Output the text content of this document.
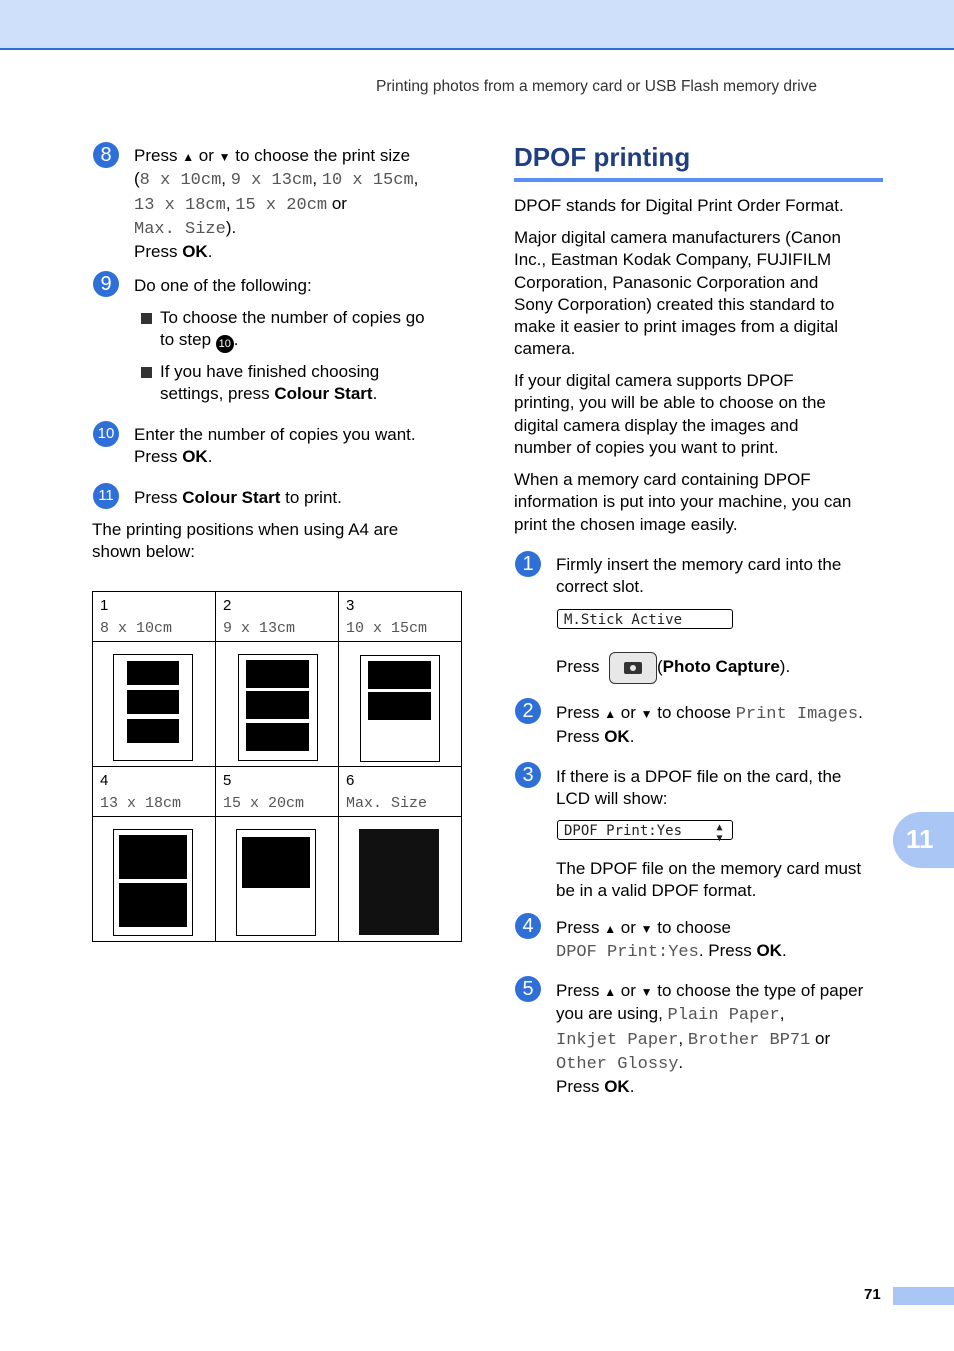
Printing photos from a memory card or USB Flash memory drive
8	Press ▲ or ▼ to choose the print size
(8 x 10cm, 9 x 13cm, 10 x 15cm,
13 x 18cm, 15 x 20cm or
Max. Size).
Press OK.
9	Do one of the following:
To choose the number of copies go
to step 10 .
If you have finished choosing
settings, press Colour Start.
10 Enter the number of copies you want.
Press OK.
11	Press Colour Start to print.
The printing positions when using A4 are
shown below:
1
8 x 10cm	2
9 x 13cm	3
10 x 15cm

4
13 x 18cm	5
15 x 20cm	6
Max. Size

DPOF printing
DPOF stands for Digital Print Order Format.
Major digital camera manufacturers (Canon
Inc., Eastman Kodak Company, FUJIFILM
Corporation, Panasonic Corporation and
Sony Corporation) created this standard to
make it easier to print images from a digital
camera.
If your digital camera supports DPOF
printing, you will be able to choose on the
digital camera display the images and
number of copies you want to print.
When a memory card containing DPOF
information is put into your machine, you can
print the chosen image easily.
1	Firmly insert the memory card into the
correct slot.
M.Stick Active
Press	(Photo Capture).
2	Press ▲ or ▼ to choose Print Images.
Press OK.
3	If there is a DPOF file on the card, the
LCD will show:
DPOF Print:Yes	▲▼
The DPOF file on the memory card must
be in a valid DPOF format.
4	Press ▲ or ▼ to choose
DPOF Print:Yes. Press OK.
5	Press ▲ or ▼ to choose the type of paper
you are using, Plain Paper,
Inkjet Paper, Brother BP71 or
Other Glossy.
Press OK.
11
71
